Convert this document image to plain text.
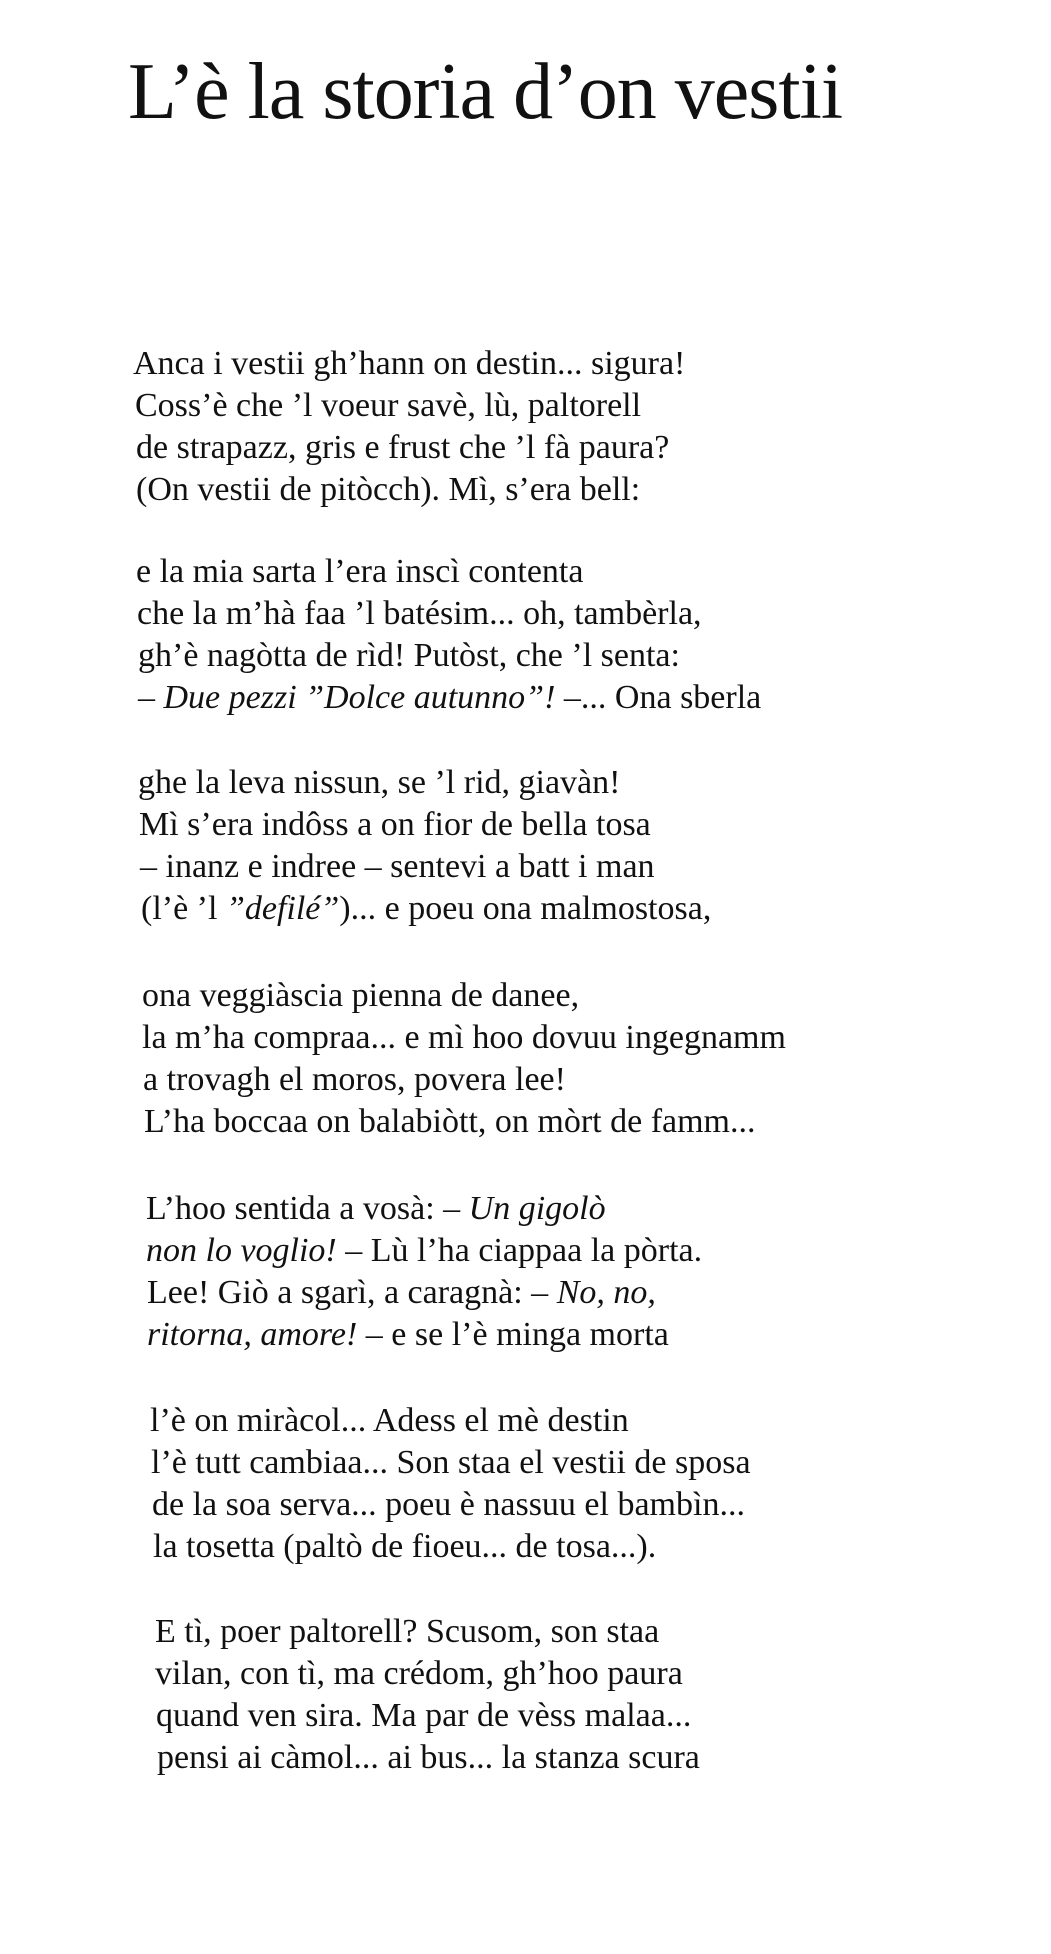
L’è la storia d’on vestii
Anca i vestii gh’hann on destin... sigura!
Coss’è che ’l voeur savè, lù, paltorell
de strapazz, gris e frust che ’l fà paura?
(On vestii de pitòcch). Mì, s’era bell:
e la mia sarta l’era inscì contenta
che la m’hà faa ’l batésim... oh, tambèrla,
gh’è nagòtta de rìd! Putòst, che ’l senta:
– Due pezzi ”Dolce autunno”! –... Ona sberla
ghe la leva nissun, se ’l rid, giavàn!
Mì s’era indôss a on fior de bella tosa
– inanz e indree – sentevi a batt i man
(l’è ’l ”defilé”)... e poeu ona malmostosa,
ona veggiàscia pienna de danee,
la m’ha compraa... e mì hoo dovuu ingegnamm
a trovagh el moros, povera lee!
L’ha boccaa on balabiòtt, on mòrt de famm...
L’hoo sentida a vosà: – Un gigolò
non lo voglio! – Lù l’ha ciappaa la pòrta.
Lee! Giò a sgarì, a caragnà: – No, no,
ritorna, amore! – e se l’è minga morta
l’è on miràcol... Adess el mè destin
l’è tutt cambiaa... Son staa el vestii de sposa
de la soa serva... poeu è nassuu el bambìn...
la tosetta (paltò de fioeu... de tosa...).
E tì, poer paltorell? Scusom, son staa
vilan, con tì, ma crédom, gh’hoo paura
quand ven sira. Ma par de vèss malaa...
pensi ai càmol... ai bus... la stanza scura
